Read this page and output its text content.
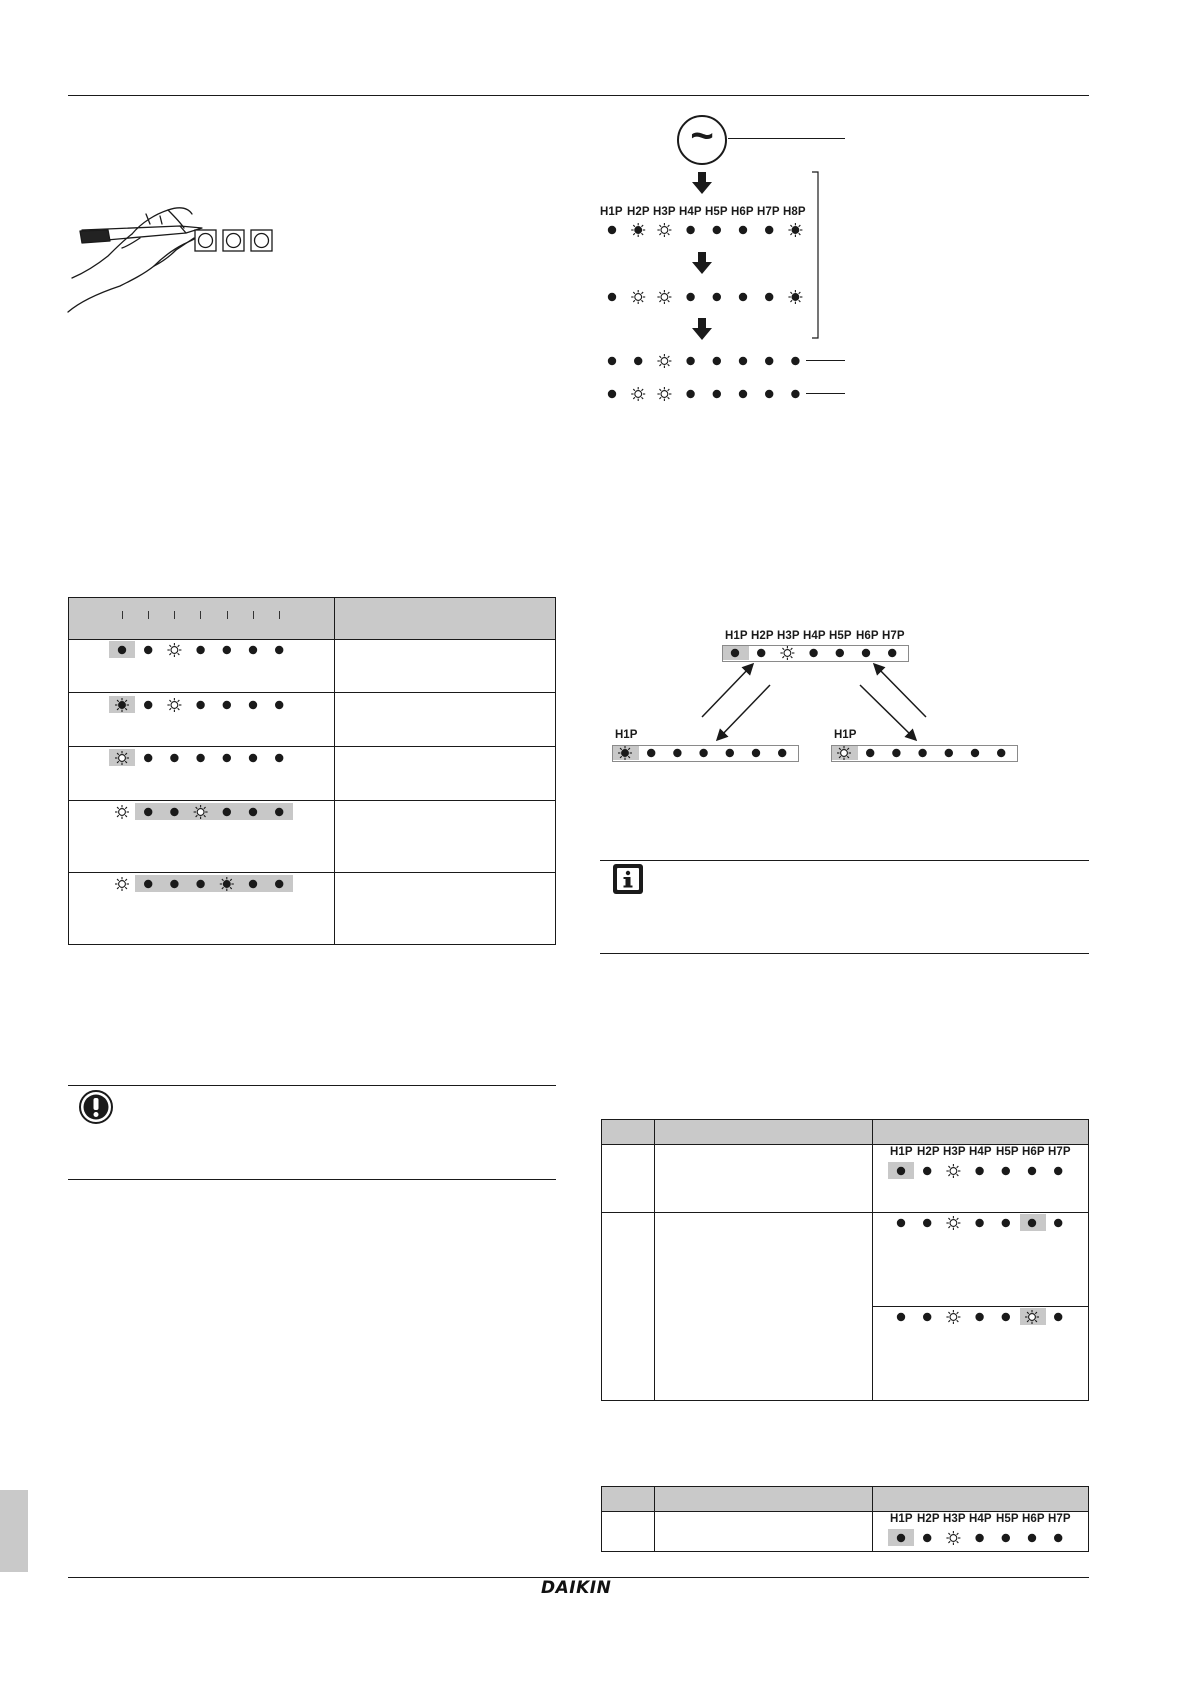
~
H1P H2P H3P H4P H5P H6P H7P H8P
H1P H2P H3P H4P H5P H6P H7P
H1P	H1P
H1P H2P H3P H4P H5P H6P H7P
H1P H2P H3P H4P H5P H6P H7P
DAIKIN
